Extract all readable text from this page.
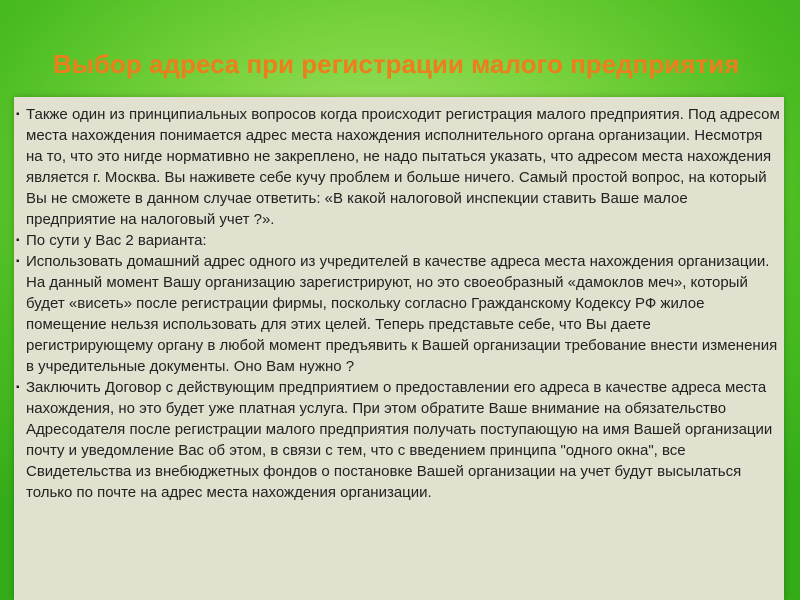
Выбор адреса при регистрации малого предприятия
▪ Также один из принципиальных вопросов когда происходит регистрация малого предприятия. Под адресом места нахождения понимается адрес места нахождения исполнительного органа организации. Несмотря на то, что это нигде нормативно не закреплено, не надо пытаться указать, что адресом места нахождения является г. Москва. Вы наживете себе кучу проблем и больше ничего. Самый простой вопрос, на который Вы не сможете в данном случае ответить: «В какой налоговой инспекции ставить Ваше малое предприятие на налоговый учет ?».
▪ По сути у Вас 2 варианта:
▪ Использовать домашний адрес одного из учредителей в качестве адреса места нахождения организации. На данный момент Вашу организацию зарегистрируют, но это своеобразный «дамоклов меч», который будет «висеть» после регистрации фирмы, поскольку согласно Гражданскому Кодексу РФ жилое помещение нельзя использовать для этих целей. Теперь представьте себе, что Вы даете регистрирующему органу в любой момент предъявить к Вашей организации требование внести изменения в учредительные документы. Оно Вам нужно ?
▪ Заключить Договор с действующим предприятием о предоставлении его адреса в качестве адреса места нахождения, но это будет уже платная услуга. При этом обратите Ваше внимание на обязательство Адресодателя после регистрации малого предприятия получать поступающую на имя Вашей организации почту и уведомление Вас об этом, в связи с тем, что с введением принципа "одного окна", все Свидетельства из внебюджетных фондов о постановке Вашей организации на учет будут высылаться только по почте на адрес места нахождения организации.
